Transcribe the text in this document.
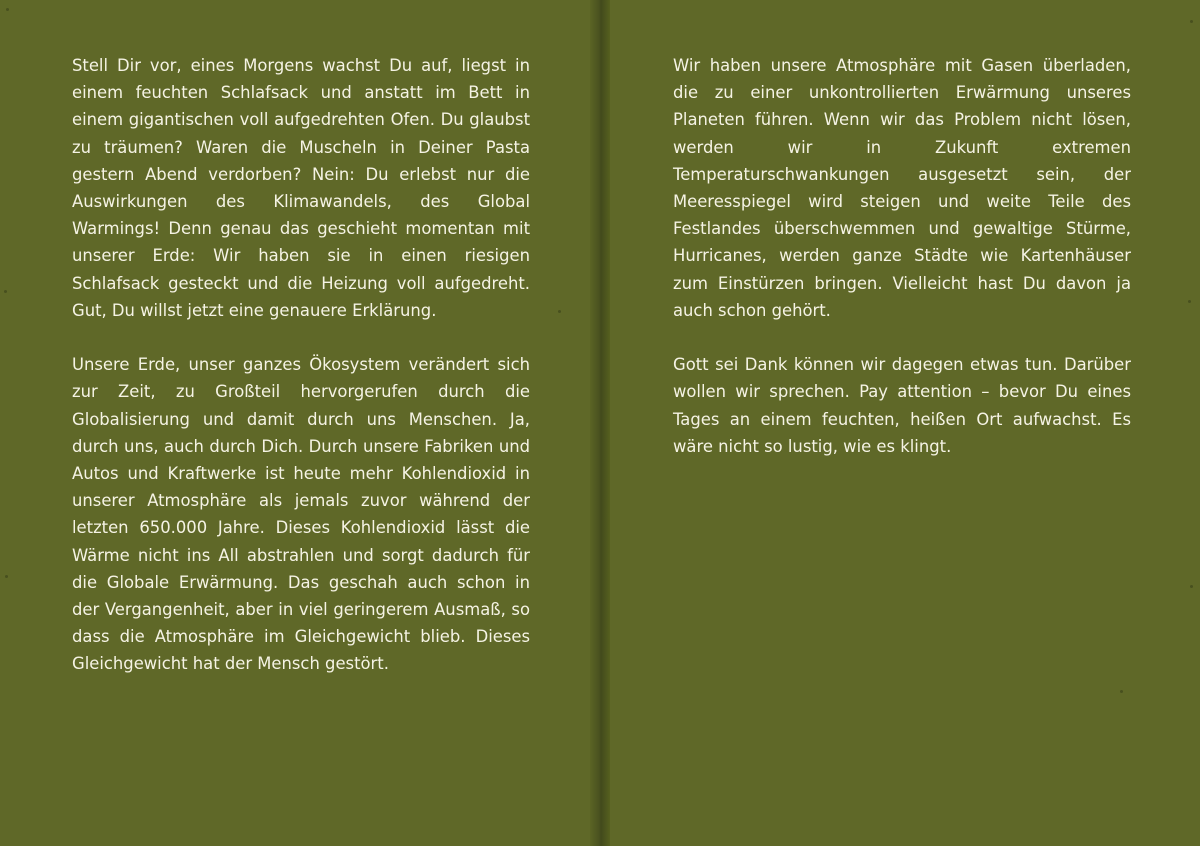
Stell Dir vor, eines Morgens wachst Du auf, liegst in einem feuchten Schlafsack und anstatt im Bett in einem gigantischen voll aufgedrehten Ofen. Du glaubst zu träumen? Waren die Muscheln in Deiner Pasta gestern Abend verdorben? Nein: Du erlebst nur die Auswirkungen des Klimawandels, des Global Warmings! Denn genau das geschieht momentan mit unserer Erde: Wir haben sie in einen riesigen Schlafsack gesteckt und die Heizung voll aufgedreht. Gut, Du willst jetzt eine genauere Erklärung.

Unsere Erde, unser ganzes Ökosystem verändert sich zur Zeit, zu Großteil hervorgerufen durch die Globalisierung und damit durch uns Menschen. Ja, durch uns, auch durch Dich. Durch unsere Fabriken und Autos und Kraftwerke ist heute mehr Kohlendioxid in unserer Atmosphäre als jemals zuvor während der letzten 650.000 Jahre. Dieses Kohlendioxid lässt die Wärme nicht ins All abstrahlen und sorgt dadurch für die Globale Erwärmung. Das geschah auch schon in der Vergangenheit, aber in viel geringerem Ausmaß, so dass die Atmosphäre im Gleichgewicht blieb. Dieses Gleichgewicht hat der Mensch gestört.

Wir haben unsere Atmosphäre mit Gasen überladen, die zu einer unkontrollierten Erwärmung unseres Planeten führen. Wenn wir das Problem nicht lösen, werden wir in Zukunft extremen Temperaturschwankungen ausgesetzt sein, der Meeresspiegel wird steigen und weite Teile des Festlandes überschwemmen und gewaltige Stürme, Hurricanes, werden ganze Städte wie Kartenhäuser zum Einstürzen bringen. Vielleicht hast Du davon ja auch schon gehört.

Gott sei Dank können wir dagegen etwas tun. Darüber wollen wir sprechen. Pay attention – bevor Du eines Tages an einem feuchten, heißen Ort aufwachst. Es wäre nicht so lustig, wie es klingt.
